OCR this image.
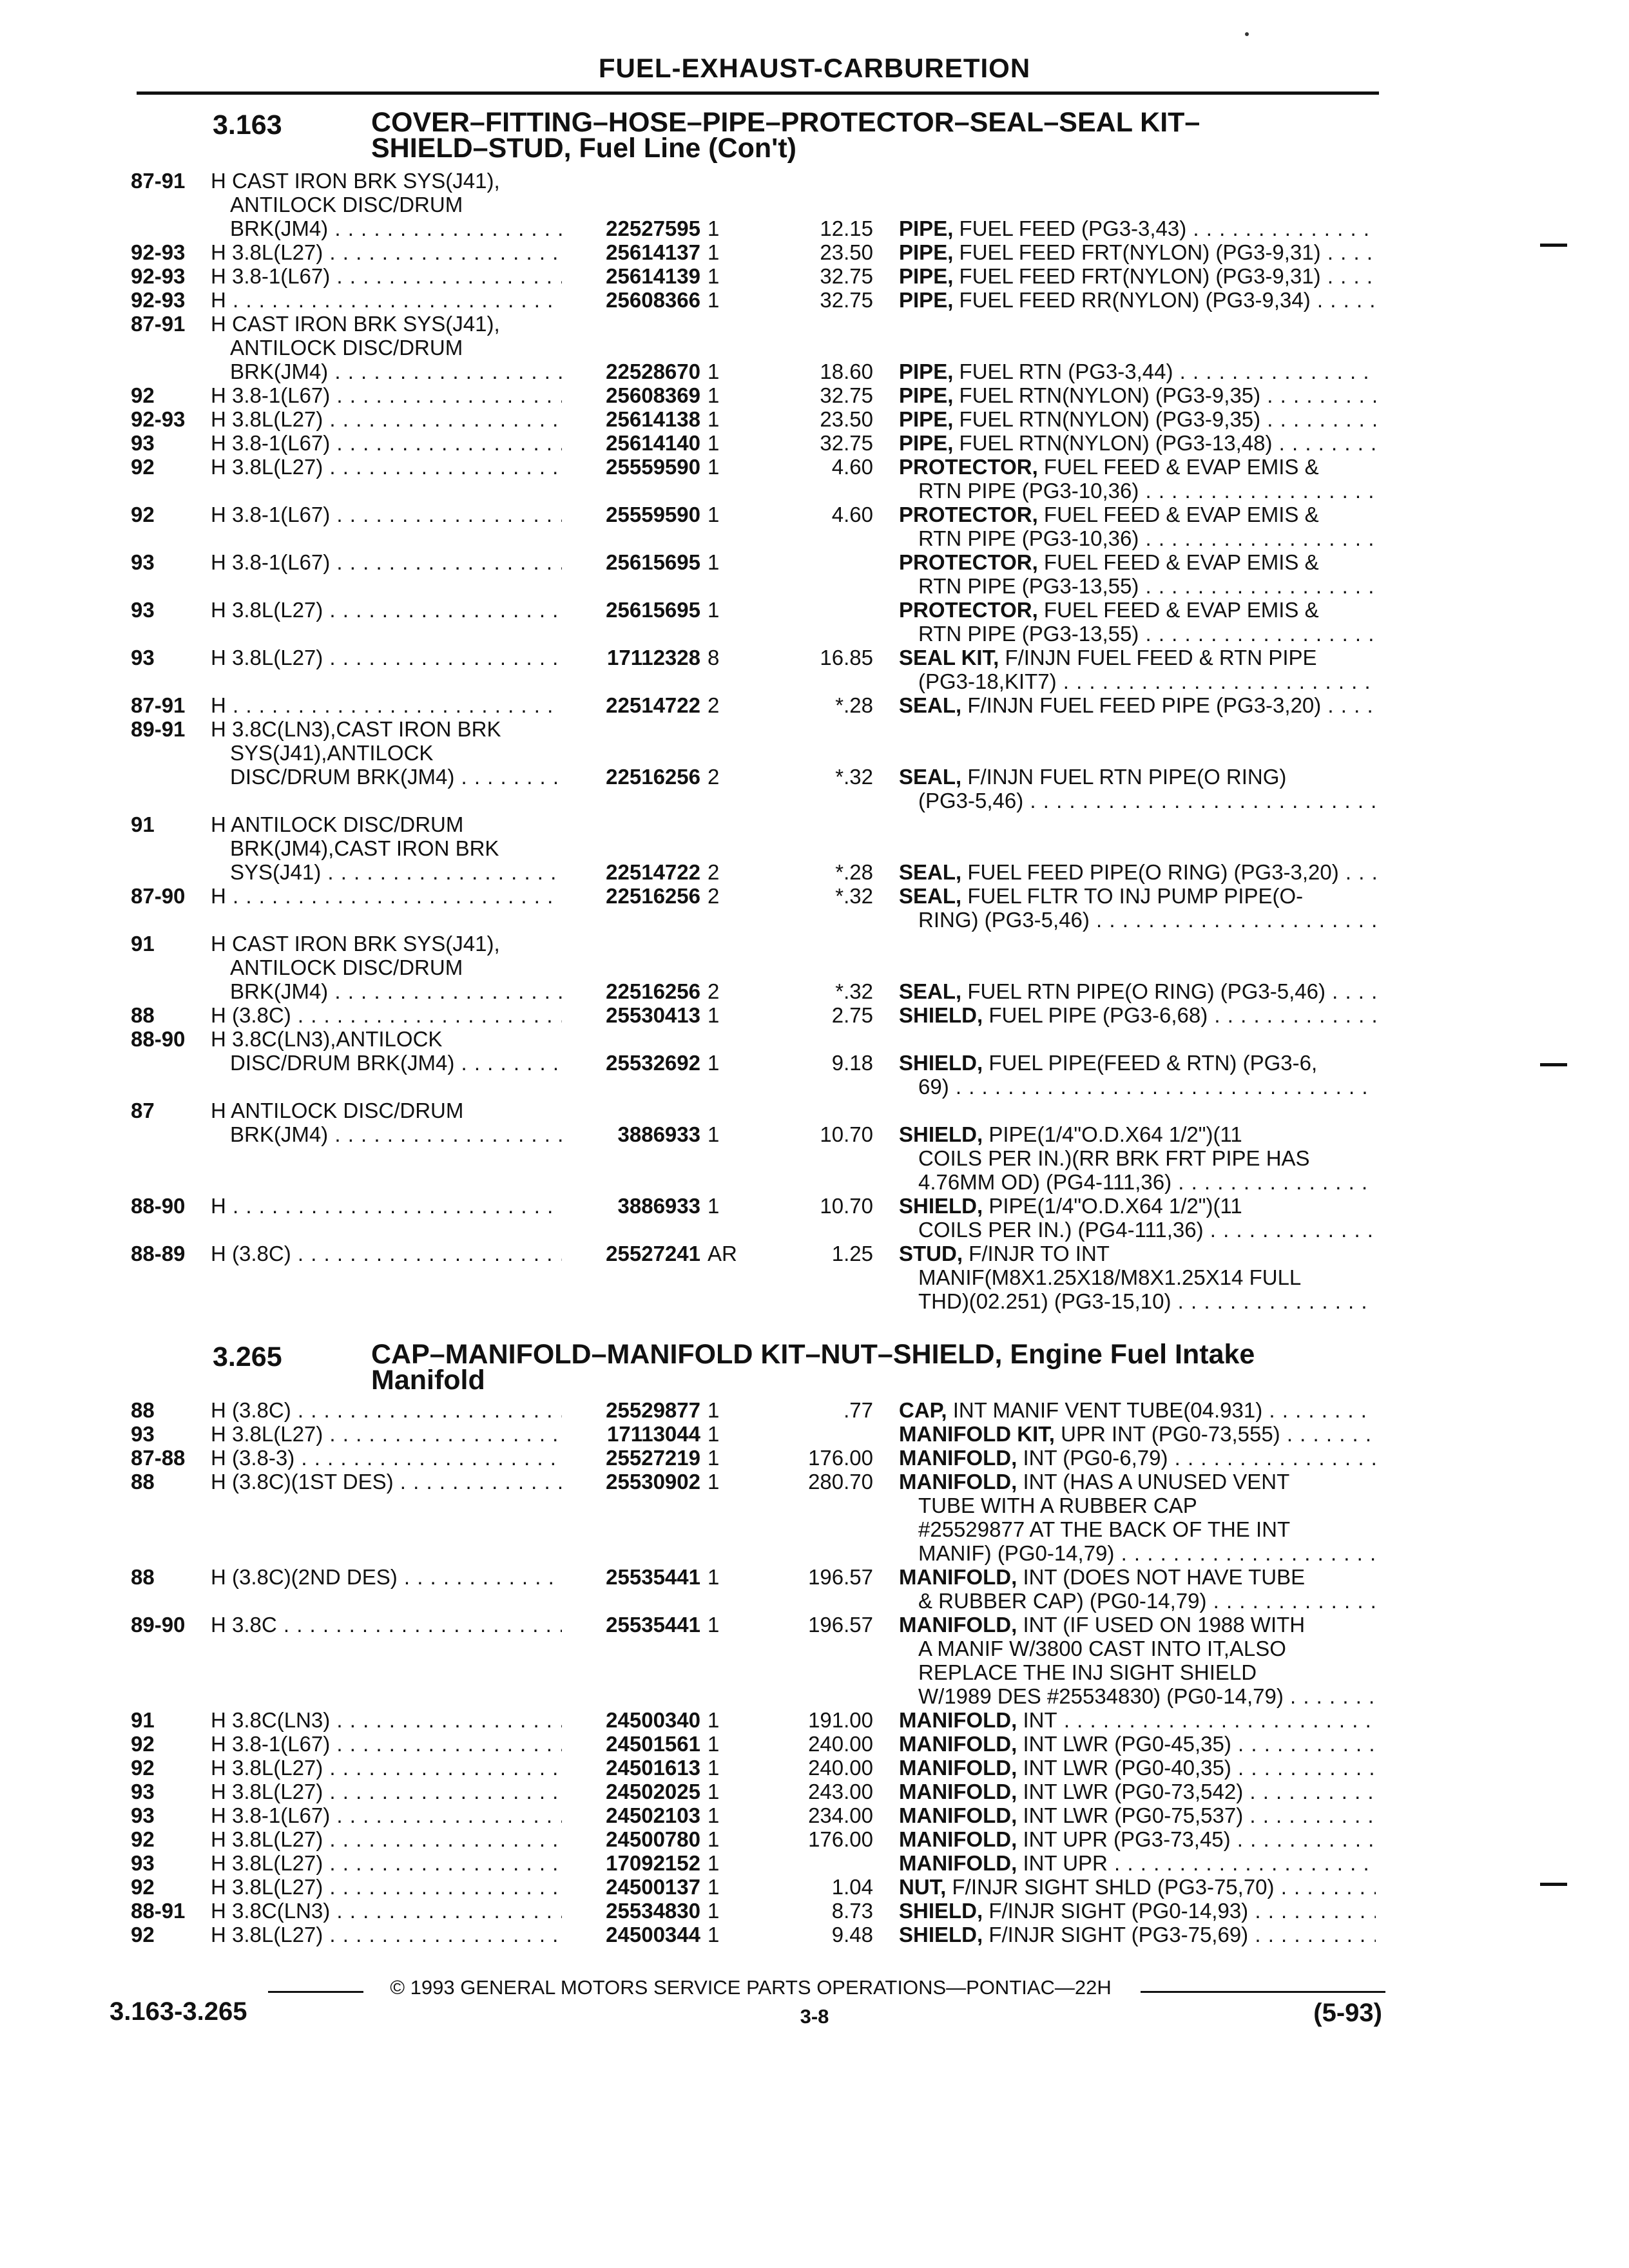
FUEL-EXHAUST-CARBURETION
3.163	COVER–FITTING–HOSE–PIPE–PROTECTOR–SEAL–SEAL KIT–
SHIELD–STUD, Fuel Line (Con't)
87-91 H CAST IRON BRK SYS(J41),
ANTILOCK DISC/DRUM
BRK(JM4) . . .	22527595 1	12.15 PIPE, FUEL FEED (PG3-3,43) . . .
92-93 H 3.8L(L27) . . .	25614137 1	23.50 PIPE, FUEL FEED FRT(NYLON) (PG3-9,31) . . .
92-93 H 3.8-1(L67) . . .	25614139 1	32.75 PIPE, FUEL FEED FRT(NYLON) (PG3-9,31) . . .
92-93 H . . .	25608366 1	32.75 PIPE, FUEL FEED RR(NYLON) (PG3-9,34) . . .
87-91 H CAST IRON BRK SYS(J41),
ANTILOCK DISC/DRUM
BRK(JM4) . . .	22528670 1	18.60 PIPE, FUEL RTN (PG3-3,44) . . .
92	H 3.8-1(L67) . . .	25608369 1	32.75 PIPE, FUEL RTN(NYLON) (PG3-9,35) . . .
92-93 H 3.8L(L27) . . .	25614138 1	23.50 PIPE, FUEL RTN(NYLON) (PG3-9,35) . . .
93	H 3.8-1(L67) . . .	25614140 1	32.75 PIPE, FUEL RTN(NYLON) (PG3-13,48) . . .
92	H 3.8L(L27) . . .	25559590 1	4.60 PROTECTOR, FUEL FEED & EVAP EMIS &
RTN PIPE (PG3-10,36) . . .
92	H 3.8-1(L67) . . .	25559590 1	4.60 PROTECTOR, FUEL FEED & EVAP EMIS &
RTN PIPE (PG3-10,36) . . .
93	H 3.8-1(L67) . . .	25615695 1	PROTECTOR, FUEL FEED & EVAP EMIS &
RTN PIPE (PG3-13,55) . . .
93	H 3.8L(L27) . . .	25615695 1	PROTECTOR, FUEL FEED & EVAP EMIS &
RTN PIPE (PG3-13,55) . . .
93	H 3.8L(L27) . . .	17112328 8	16.85 SEAL KIT, F/INJN FUEL FEED & RTN PIPE
(PG3-18,KIT7) . . .
87-91 H . . .	22514722 2	*.28 SEAL, F/INJN FUEL FEED PIPE (PG3-3,20) . . .
89-91 H 3.8C(LN3),CAST IRON BRK
SYS(J41),ANTILOCK
DISC/DRUM BRK(JM4) . . .	22516256 2	*.32 SEAL, F/INJN FUEL RTN PIPE(O RING)
(PG3-5,46) . . .
91	H ANTILOCK DISC/DRUM
BRK(JM4),CAST IRON BRK
SYS(J41) . . .	22514722 2	*.28 SEAL, FUEL FEED PIPE(O RING) (PG3-3,20) . . .
87-90 H . . .	22516256 2	*.32 SEAL, FUEL FLTR TO INJ PUMP PIPE(O-
RING) (PG3-5,46) . . .
91	H CAST IRON BRK SYS(J41),
ANTILOCK DISC/DRUM
BRK(JM4) . . .	22516256 2	*.32 SEAL, FUEL RTN PIPE(O RING) (PG3-5,46) . . .
88	H (3.8C) . . .	25530413 1	2.75 SHIELD, FUEL PIPE (PG3-6,68) . . .
88-90 H 3.8C(LN3),ANTILOCK
DISC/DRUM BRK(JM4) . . .	25532692 1	9.18 SHIELD, FUEL PIPE(FEED & RTN) (PG3-6,
69) . . .
87	H ANTILOCK DISC/DRUM
BRK(JM4) . . .	3886933 1	10.70 SHIELD, PIPE(1/4"O.D.X64 1/2")(11
COILS PER IN.)(RR BRK FRT PIPE HAS
4.76MM OD) (PG4-111,36) . . .
88-90 H . . .	3886933 1	10.70 SHIELD, PIPE(1/4"O.D.X64 1/2")(11
COILS PER IN.) (PG4-111,36) . . .
88-89 H (3.8C) . . .	25527241 AR	1.25 STUD, F/INJR TO INT
MANIF(M8X1.25X18/M8X1.25X14 FULL
THD)(02.251) (PG3-15,10) . . .
3.265	CAP–MANIFOLD–MANIFOLD KIT–NUT–SHIELD, Engine Fuel Intake
Manifold
88	H (3.8C) . . .	25529877 1	.77 CAP, INT MANIF VENT TUBE(04.931) . . .
93	H 3.8L(L27) . . .	17113044 1	MANIFOLD KIT, UPR INT (PG0-73,555) . . .
87-88 H (3.8-3) . . .	25527219 1	176.00 MANIFOLD, INT (PG0-6,79) . . .
88	H (3.8C)(1ST DES) . . .	25530902 1	280.70 MANIFOLD, INT (HAS A UNUSED VENT
TUBE WITH A RUBBER CAP
#25529877 AT THE BACK OF THE INT
MANIF) (PG0-14,79) . . .
88	H (3.8C)(2ND DES) . . .	25535441 1	196.57 MANIFOLD, INT (DOES NOT HAVE TUBE
& RUBBER CAP) (PG0-14,79) . . .
89-90 H 3.8C . . .	25535441 1	196.57 MANIFOLD, INT (IF USED ON 1988 WITH
A MANIF W/3800 CAST INTO IT,ALSO
REPLACE THE INJ SIGHT SHIELD
W/1989 DES #25534830) (PG0-14,79) . . .
91	H 3.8C(LN3) . . .	24500340 1	191.00 MANIFOLD, INT . . .
92	H 3.8-1(L67) . . .	24501561 1	240.00 MANIFOLD, INT LWR (PG0-45,35) . . .
92	H 3.8L(L27) . . .	24501613 1	240.00 MANIFOLD, INT LWR (PG0-40,35) . . .
93	H 3.8L(L27) . . .	24502025 1	243.00 MANIFOLD, INT LWR (PG0-73,542) . . .
93	H 3.8-1(L67) . . .	24502103 1	234.00 MANIFOLD, INT LWR (PG0-75,537) . . .
92	H 3.8L(L27) . . .	24500780 1	176.00 MANIFOLD, INT UPR (PG3-73,45) . . .
93	H 3.8L(L27) . . .	17092152 1	MANIFOLD, INT UPR . . .
92	H 3.8L(L27) . . .	24500137 1	1.04 NUT, F/INJR SIGHT SHLD (PG3-75,70) . . .
88-91 H 3.8C(LN3) . . .	25534830 1	8.73 SHIELD, F/INJR SIGHT (PG0-14,93) . . .
92	H 3.8L(L27) . . .	24500344 1	9.48 SHIELD, F/INJR SIGHT (PG3-75,69) . . .
© 1993 GENERAL MOTORS SERVICE PARTS OPERATIONS—PONTIAC—22H
3.163-3.265	3-8	(5-93)
